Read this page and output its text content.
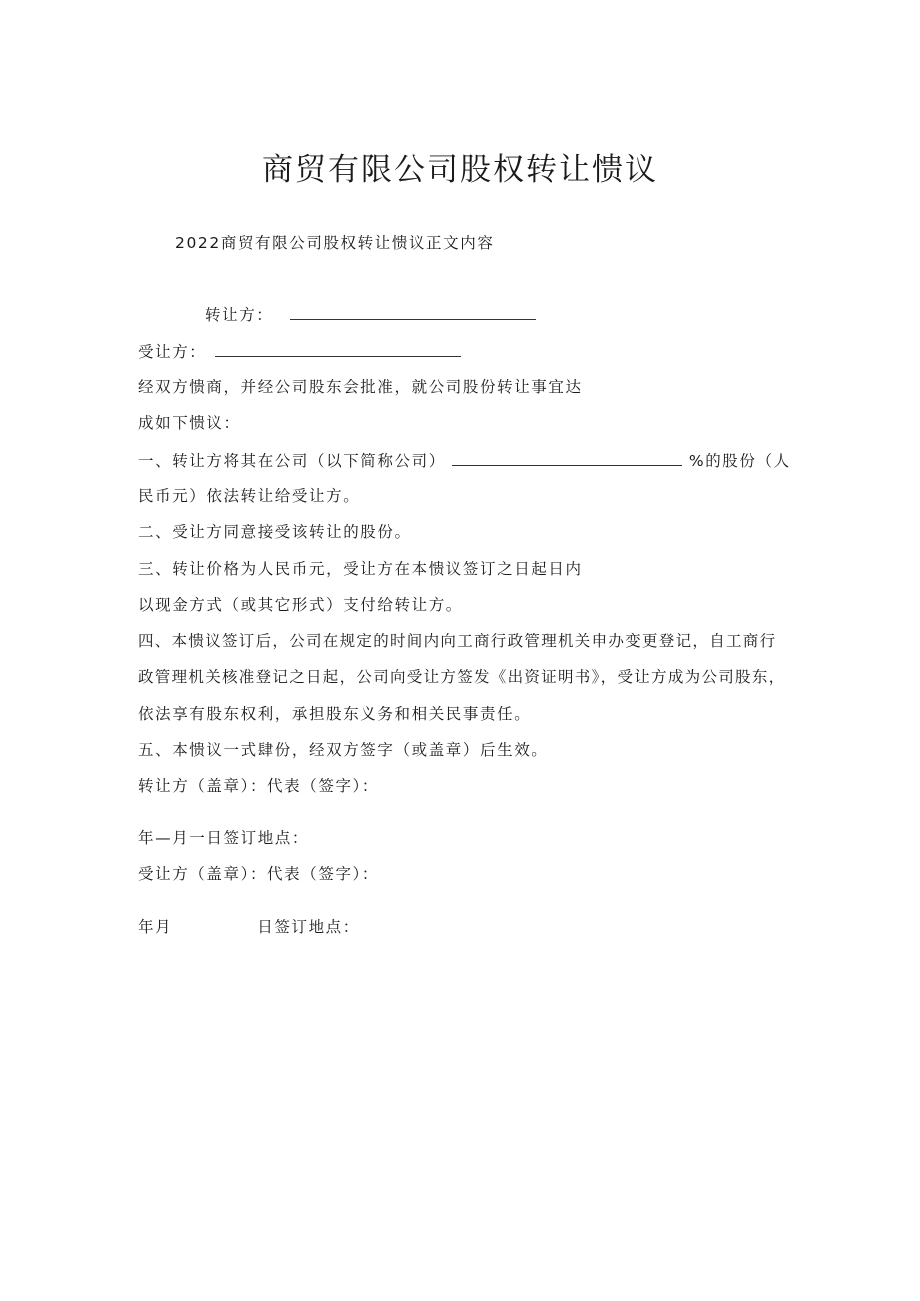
商贸有限公司股权转让愦议
2022商贸有限公司股权转让愦议正文内容
转让方：
受让方：
经双方愦商，并经公司股东会批准，就公司股份转让事宜达
成如下愦议：
一、转让方将其在公司（以下简称公司）	%的股份（人
民币元）依法转让给受让方。
二、受让方同意接受该转让的股份。
三、转让价格为人民币元，受让方在本愦议签订之日起日内
以现金方式（或其它形式）支付给转让方。
四、本愦议签订后，公司在规定的时间内向工商行政管理机关申办变更登记，自工商行
政管理机关核准登记之日起，公司向受让方签发《出资证明书》，受让方成为公司股东，
依法享有股东权利，承担股东义务和相关民事责任。
五、本愦议一式肆份，经双方签字（或盖章）后生效。
转让方（盖章）：代表（签字）：
年—月一日签订地点：
受让方（盖章）：代表（签字）：
年月	日签订地点：
